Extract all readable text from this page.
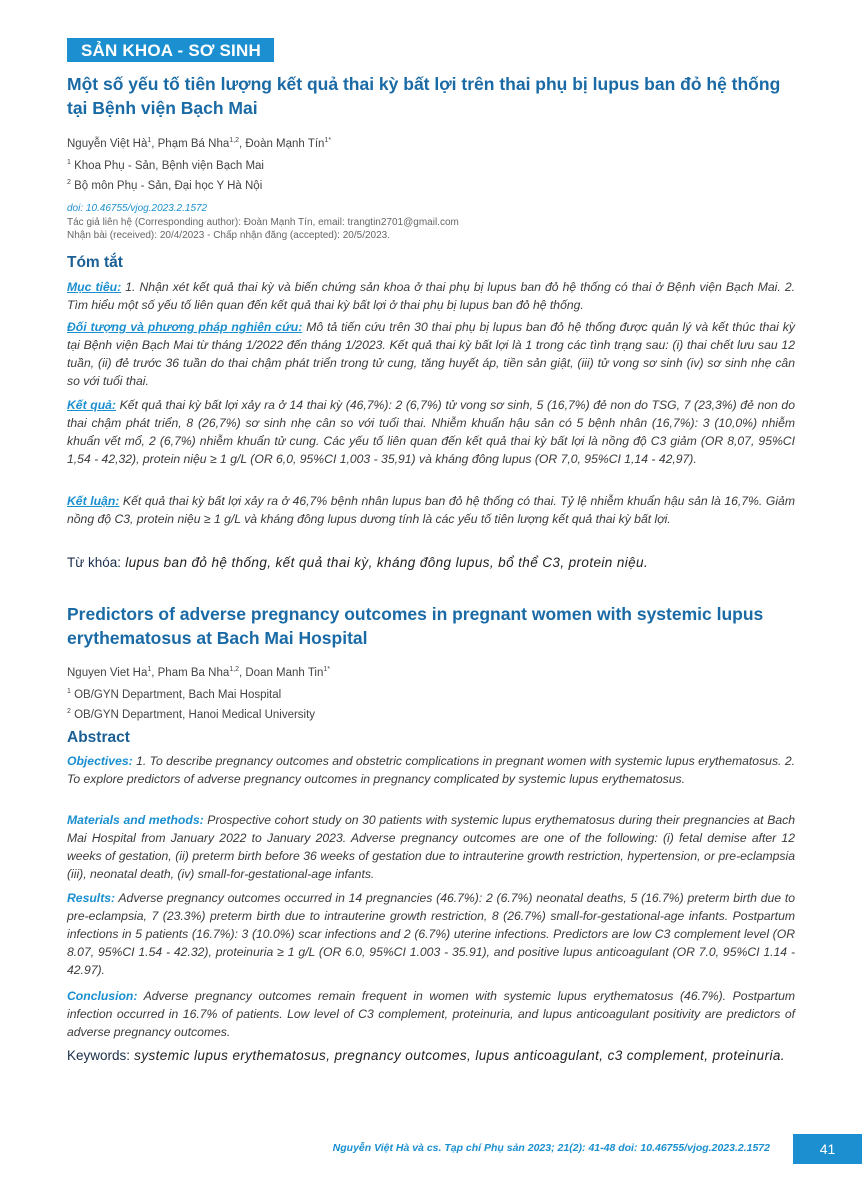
SẢN KHOA - SƠ SINH
Một số yếu tố tiên lượng kết quả thai kỳ bất lợi trên thai phụ bị lupus ban đỏ hệ thống tại Bệnh viện Bạch Mai
Nguyễn Việt $Hà^1$, Phạm Bá Nha$^{1,2}$, Đoàn Mạnh Tín$^{1*}$
$^1$ Khoa Phụ - Sản, Bệnh viện Bạch Mai
$^2$ Bộ môn Phụ - Sản, Đại học Y Hà Nội
doi: 10.46755/vjog.2023.2.1572
Tác giả liên hệ (Corresponding author): Đoàn Mạnh Tín, email: trangtin2701@gmail.com
Nhận bài (received): 20/4/2023 - Chấp nhận đăng (accepted): 20/5/2023.
Tóm tắt

Mục tiêu: 1. Nhận xét kết quả thai kỳ và biến chứng sản khoa ở thai phụ bị lupus ban đỏ hệ thống có thai ở Bệnh viện Bạch Mai. 2. Tìm hiểu một số yếu tố liên quan đến kết quả thai kỳ bất lợi ở thai phụ bị lupus ban đỏ hệ thống.

Đối tượng và phương pháp nghiên cứu: Mô tả tiến cứu trên 30 thai phụ bị lupus ban đỏ hệ thống được quản lý và kết thúc thai kỳ tại Bệnh viện Bạch Mai từ tháng 1/2022 đến tháng 1/2023. Kết quả thai kỳ bất lợi là 1 trong các tình trạng sau: (i) thai chết lưu sau 12 tuần, (ii) đẻ trước 36 tuần do thai chậm phát triển trong tử cung, tăng huyết áp, tiền sản giật, (iii) tử vong sơ sinh (iv) sơ sinh nhẹ cân so với tuổi thai.

Kết quả: Kết quả thai kỳ bất lợi xảy ra ở 14 thai kỳ (46,7%): 2 (6,7%) tử vong sơ sinh, 5 (16,7%) đẻ non do TSG, 7 (23,3%) đẻ non do thai chậm phát triển, 8 (26,7%) sơ sinh nhẹ cân so với tuổi thai. Nhiễm khuẩn hậu sản có 5 bệnh nhân (16,7%): 3 (10,0%) nhiễm khuẩn vết mổ, 2 (6,7%) nhiễm khuẩn tử cung. Các yếu tố liên quan đến kết quả thai kỳ bất lợi là nồng độ C3 giảm (OR 8,07, 95%CI 1,54 - 42,32), protein niệu ≥ 1 g/L (OR 6,0, 95%CI 1,003 - 35,91) và kháng đông lupus (OR 7,0, 95%CI 1,14 - 42,97).

Kết luận: Kết quả thai kỳ bất lợi xảy ra ở 46,7% bệnh nhân lupus ban đỏ hệ thống có thai. Tỷ lệ nhiễm khuẩn hậu sản là 16,7%. Giảm nồng độ C3, protein niệu ≥ 1 g/L và kháng đông lupus dương tính là các yếu tố tiên lượng kết quả thai kỳ bất lợi.

Từ khóa: lupus ban đỏ hệ thống, kết quả thai kỳ, kháng đông lupus, bổ thể C3, protein niệu.
Predictors of adverse pregnancy outcomes in pregnant women with systemic lupus erythematosus at Bach Mai Hospital
Nguyen Viet Ha$^1$, Pham Ba Nha$^{1,2}$, Doan Manh Tin$^{1*}$
$^1$ OB/GYN Department, Bach Mai Hospital
$^2$ OB/GYN Department, Hanoi Medical University
Abstract

Objectives: 1. To describe pregnancy outcomes and obstetric complications in pregnant women with systemic lupus erythematosus. 2. To explore predictors of adverse pregnancy outcomes in pregnancy complicated by systemic lupus erythematosus.

Materials and methods: Prospective cohort study on 30 patients with systemic lupus erythematosus during their pregnancies at Bach Mai Hospital from January 2022 to January 2023. Adverse pregnancy outcomes are one of the following: (i) fetal demise after 12 weeks of gestation, (ii) preterm birth before 36 weeks of gestation due to intrauterine growth restriction, hypertension, or pre-eclampsia (iii), neonatal death, (iv) small-for-gestational-age infants.

Results: Adverse pregnancy outcomes occurred in 14 pregnancies (46.7%): 2 (6.7%) neonatal deaths, 5 (16.7%) preterm birth due to pre-eclampsia, 7 (23.3%) preterm birth due to intrauterine growth restriction, 8 (26.7%) small-for-gestational-age infants. Postpartum infections in 5 patients (16.7%): 3 (10.0%) scar infections and 2 (6.7%) uterine infections. Predictors are low C3 complement level (OR 8.07, 95%CI 1.54 - 42.32), proteinuria ≥ 1 g/L (OR 6.0, 95%CI 1.003 - 35.91), and positive lupus anticoagulant (OR 7.0, 95%CI 1.14 - 42.97).

Conclusion: Adverse pregnancy outcomes remain frequent in women with systemic lupus erythematosus (46.7%). Postpartum infection occurred in 16.7% of patients. Low level of C3 complement, proteinuria, and lupus anticoagulant positivity are predictors of adverse pregnancy outcomes.

Keywords: systemic lupus erythematosus, pregnancy outcomes, lupus anticoagulant, c3 complement, proteinuria.
Nguyễn Việt Hà và cs. Tạp chí Phụ sản 2023; 21(2): 41-48 doi: 10.46755/vjog.2023.2.1572	41
